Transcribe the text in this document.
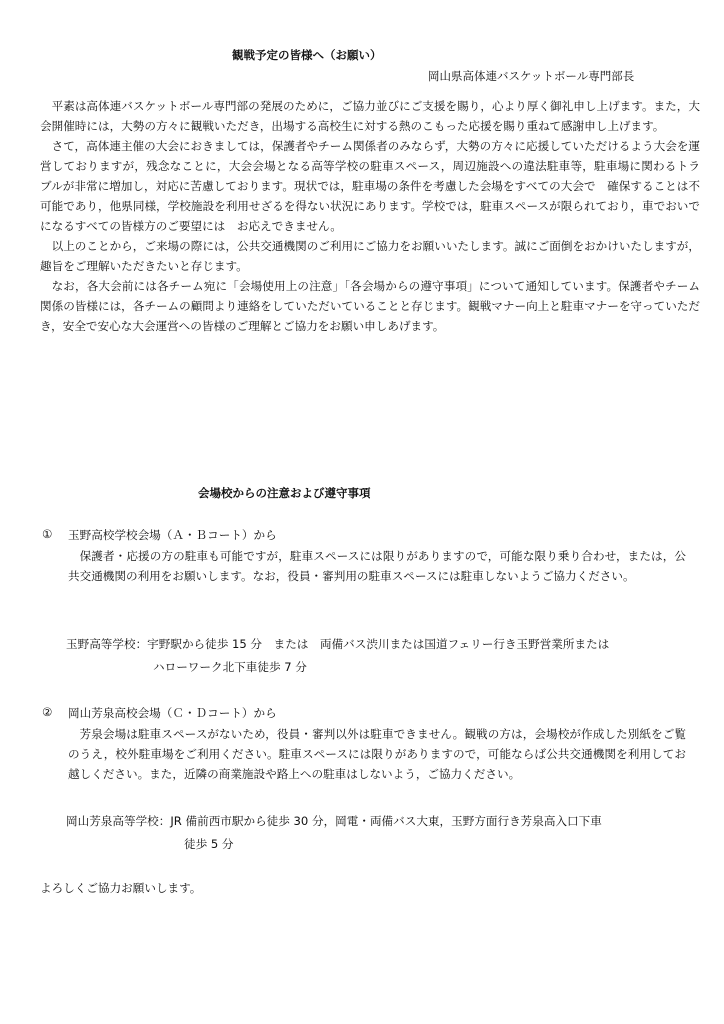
観戦予定の皆様へ（お願い）
岡山県高体連バスケットボール専門部長

平素は高体連バスケットボール専門部の発展のために，ご協力並びにご支援を賜り，心より厚く御礼申し上げます。また，大会開催時には，大勢の方々に観戦いただき，出場する高校生に対する熱のこもった応援を賜り重ねて感謝申し上げます。

さて，高体連主催の大会におきましては，保護者やチーム関係者のみならず，大勢の方々に応援していただけるよう大会を運営しておりますが，残念なことに，大会会場となる高等学校の駐車スペース，周辺施設への違法駐車等，駐車場に関わるトラブルが非常に増加し，対応に苦慮しております。現状では，駐車場の条件を考慮した会場をすべての大会で　確保することは不可能であり，他県同様，学校施設を利用せざるを得ない状況にあります。学校では，駐車スペースが限られており，車でおいでになるすべての皆様方のご要望には　お応えできません。

以上のことから，ご来場の際には，公共交通機関のご利用にご協力をお願いいたします。誠にご面倒をおかけいたしますが，趣旨をご理解いただきたいと存じます。

なお，各大会前には各チーム宛に「会場使用上の注意」「各会場からの遵守事項」について通知しています。保護者やチーム関係の皆様には，各チームの顧問より連絡をしていただいていることと存じます。観戦マナー向上と駐車マナーを守っていただき，安全で安心な大会運営への皆様のご理解とご協力をお願い申しあげます。

会場校からの注意および遵守事項
① 玉野高校学校会場（Ａ・Ｂコート）から
保護者・応援の方の駐車も可能ですが，駐車スペースには限りがありますので，可能な限り乗り合わせ，または，公共交通機関の利用をお願いします。なお，役員・審判用の駐車スペースには駐車しないようご協力ください。
玉野高等学校：宇野駅から徒歩 15 分　または　両備バス渋川または国道フェリー行き玉野営業所または
ハローワーク北下車徒歩 7 分
② 岡山芳泉高校会場（Ｃ・Ｄコート）から
芳泉会場は駐車スペースがないため，役員・審判以外は駐車できません。観戦の方は，会場校が作成した別紙をご覧のうえ，校外駐車場をご利用ください。駐車スペースには限りがありますので，可能ならば公共交通機関を利用してお越しください。また，近隣の商業施設や路上への駐車はしないよう，ご協力ください。
岡山芳泉高等学校：JR 備前西市駅から徒歩 30 分，岡電・両備バス大東，玉野方面行き芳泉高入口下車
徒歩 5 分
よろしくご協力お願いします。
